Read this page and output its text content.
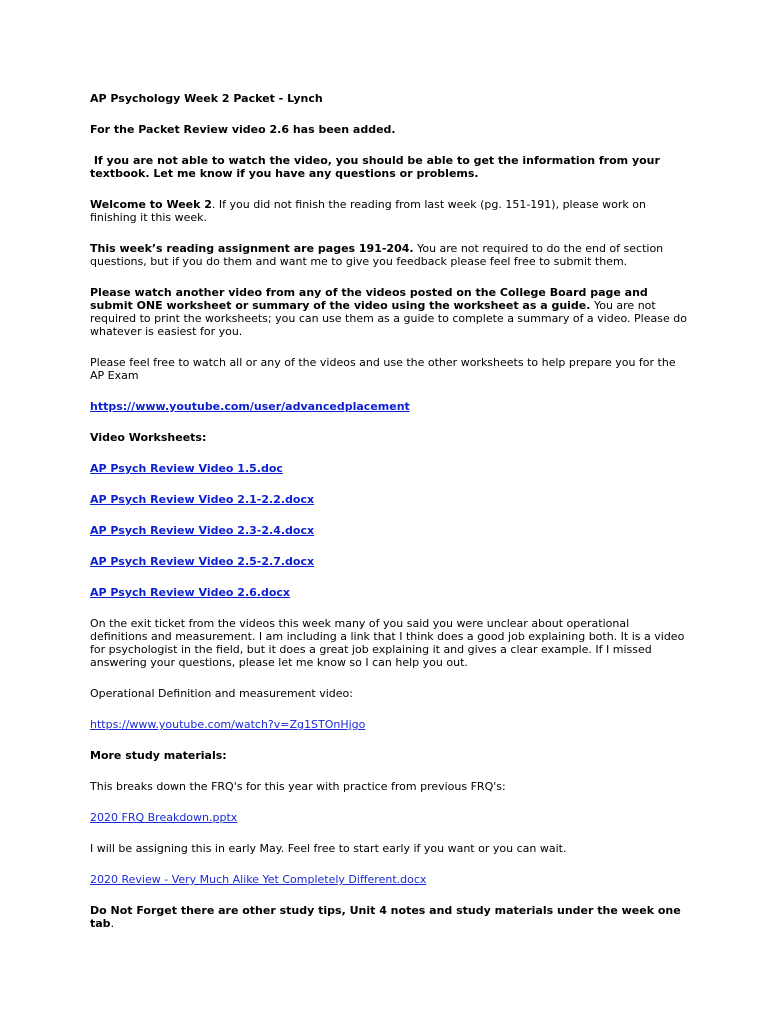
AP Psychology Week 2 Packet - Lynch

For the Packet Review video 2.6 has been added.

If you are not able to watch the video, you should be able to get the information from your textbook. Let me know if you have any questions or problems.

Welcome to Week 2. If you did not finish the reading from last week (pg. 151-191), please work on finishing it this week.

This week’s reading assignment are pages 191-204. You are not required to do the end of section questions, but if you do them and want me to give you feedback please feel free to submit them.

Please watch another video from any of the videos posted on the College Board page and submit ONE worksheet or summary of the video using the worksheet as a guide. You are not required to print the worksheets; you can use them as a guide to complete a summary of a video. Please do whatever is easiest for you.

Please feel free to watch all or any of the videos and use the other worksheets to help prepare you for the AP Exam

https://www.youtube.com/user/advancedplacement

Video Worksheets:

AP Psych Review Video 1.5.doc

AP Psych Review Video 2.1-2.2.docx

AP Psych Review Video 2.3-2.4.docx

AP Psych Review Video 2.5-2.7.docx

AP Psych Review Video 2.6.docx

On the exit ticket from the videos this week many of you said you were unclear about operational definitions and measurement. I am including a link that I think does a good job explaining both. It is a video for psychologist in the field, but it does a great job explaining it and gives a clear example. If I missed answering your questions, please let me know so I can help you out.

Operational Definition and measurement video:

https://www.youtube.com/watch?v=Zg1STOnHjgo

More study materials:

This breaks down the FRQ's for this year with practice from previous FRQ's:

2020 FRQ Breakdown.pptx

I will be assigning this in early May. Feel free to start early if you want or you can wait.

2020 Review - Very Much Alike Yet Completely Different.docx

Do Not Forget there are other study tips, Unit 4 notes and study materials under the week one tab.
